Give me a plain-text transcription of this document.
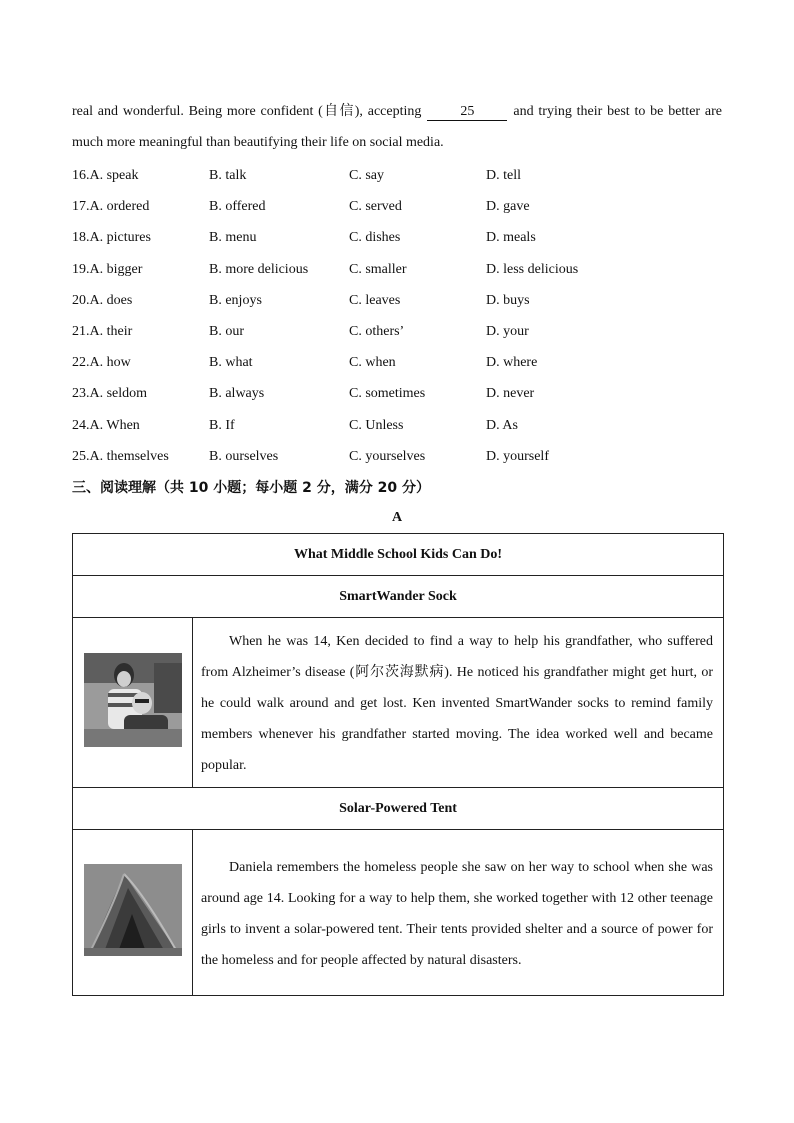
real and wonderful. Being more confident (自信), accepting	25	and trying their best to be better are much more meaningful than beautifying their life on social media.
16.A. speak	B. talk	C. say	D. tell
17.A. ordered	B. offered	C. served	D. gave
18.A. pictures	B. menu	C. dishes	D. meals
19.A. bigger	B. more delicious	C. smaller	D. less delicious
20.A. does	B. enjoys	C. leaves	D. buys
21.A. their	B. our	C. others’	D. your
22.A. how	B. what	C. when	D. where
23.A. seldom	B. always	C. sometimes	D. never
24.A. When	B. If	C. Unless	D. As
25.A. themselves	B. ourselves	C. yourselves	D. yourself
三、阅读理解（共 10 小题；每小题 2 分，满分 20 分）
A
What Middle School Kids Can Do!	
SmartWander Sock	

	When he was 14, Ken decided to find a way to help his grandfather, who suffered from Alzheimer’s disease (阿尔茨海默病). He noticed his grandfather might get hurt, or he could walk around and get lost. Ken invented SmartWander socks to remind family members whenever his grandfather started moving. The idea worked well and became popular.
Solar-Powered Tent	

	Daniela remembers the homeless people she saw on her way to school when she was around age 14. Looking for a way to help them, she worked together with 12 other teenage girls to invent a solar-powered tent. Their tents provided shelter and a source of power for the homeless and for people affected by natural disasters.
